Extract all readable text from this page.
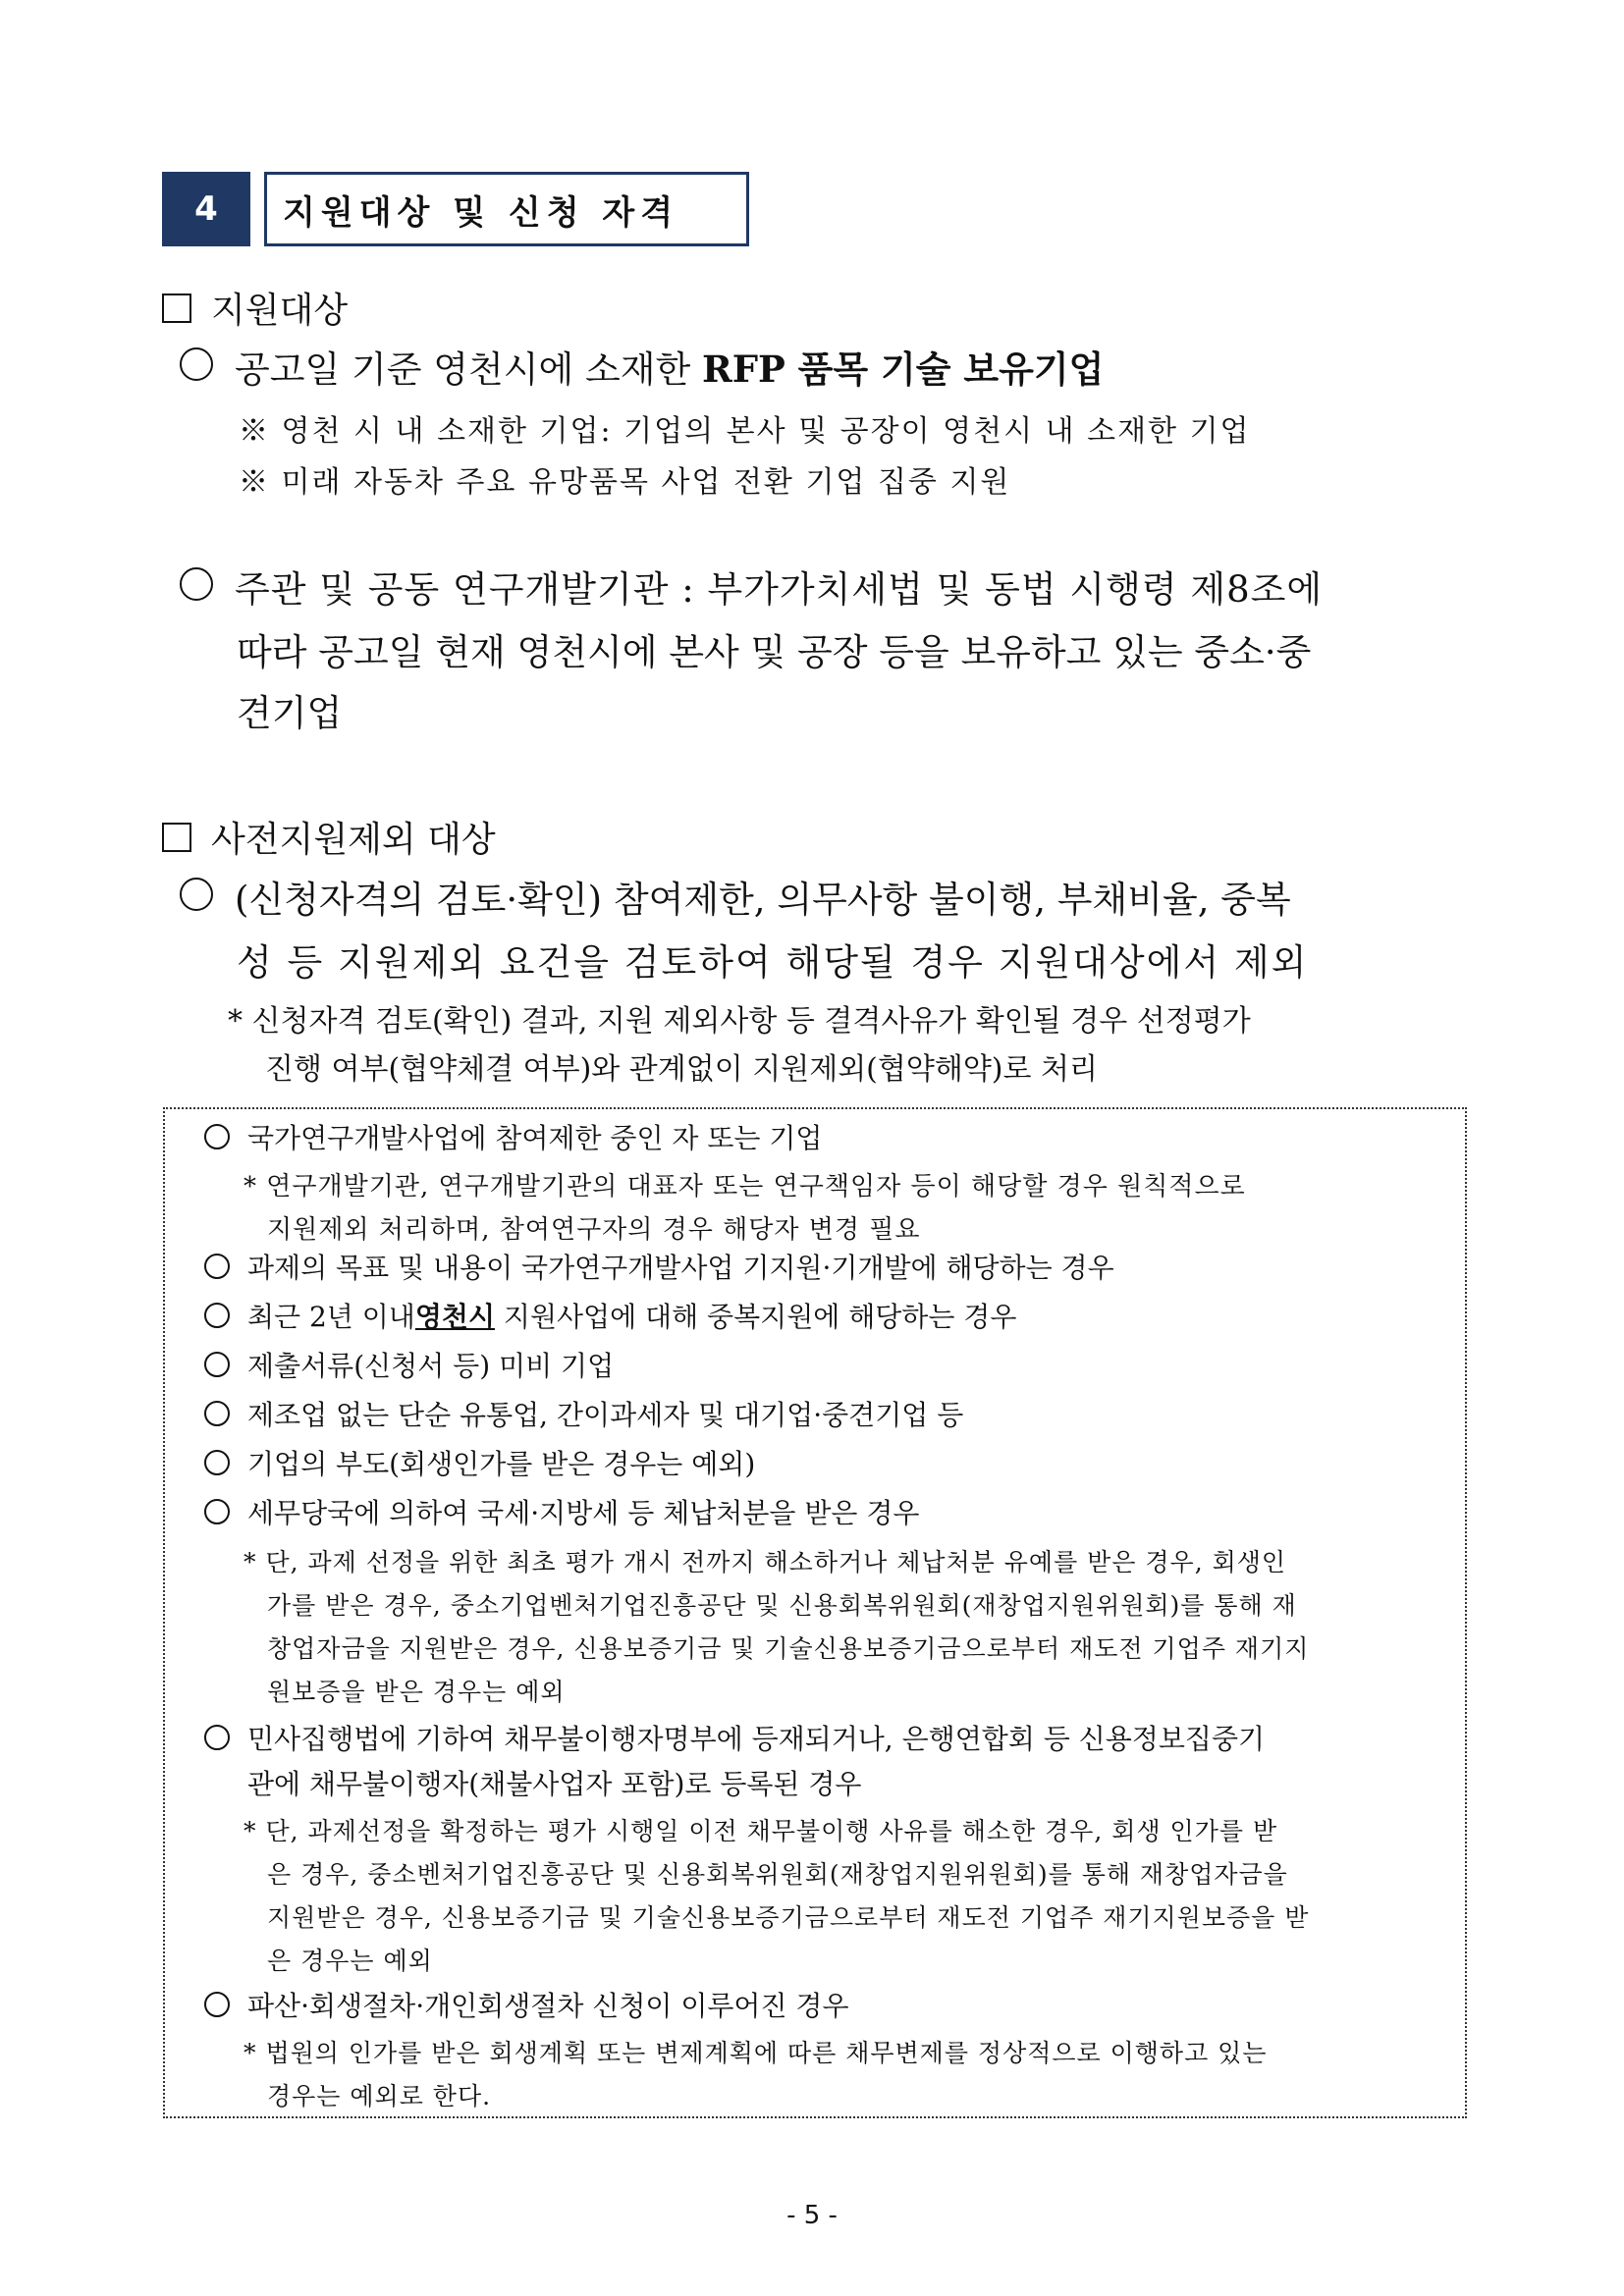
4	지원대상 및 신청 자격
지원대상
공고일 기준 영천시에 소재한 RFP 품목 기술 보유기업
※ 영천 시 내 소재한 기업: 기업의 본사 및 공장이 영천시 내 소재한 기업
※ 미래 자동차 주요 유망품목 사업 전환 기업 집중 지원
주관 및 공동 연구개발기관 : 부가가치세법 및 동법 시행령 제8조에
따라 공고일 현재 영천시에 본사 및 공장 등을 보유하고 있는 중소·중
견기업
사전지원제외 대상
(신청자격의 검토·확인) 참여제한, 의무사항 불이행, 부채비율, 중복
성 등 지원제외 요건을 검토하여 해당될 경우 지원대상에서 제외
* 신청자격 검토(확인) 결과, 지원 제외사항 등 결격사유가 확인될 경우 선정평가
진행 여부(협약체결 여부)와 관계없이 지원제외(협약해약)로 처리
국가연구개발사업에 참여제한 중인 자 또는 기업
* 연구개발기관, 연구개발기관의 대표자 또는 연구책임자 등이 해당할 경우 원칙적으로
지원제외 처리하며, 참여연구자의 경우 해당자 변경 필요
과제의 목표 및 내용이 국가연구개발사업 기지원·기개발에 해당하는 경우
최근 2년 이내 영천시 지원사업에 대해 중복지원에 해당하는 경우
제출서류(신청서 등) 미비 기업
제조업 없는 단순 유통업, 간이과세자 및 대기업·중견기업 등
기업의 부도(회생인가를 받은 경우는 예외)
세무당국에 의하여 국세·지방세 등 체납처분을 받은 경우
* 단, 과제 선정을 위한 최초 평가 개시 전까지 해소하거나 체납처분 유예를 받은 경우, 회생인
가를 받은 경우, 중소기업벤처기업진흥공단 및 신용회복위원회(재창업지원위원회)를 통해 재
창업자금을 지원받은 경우, 신용보증기금 및 기술신용보증기금으로부터 재도전 기업주 재기지
원보증을 받은 경우는 예외
민사집행법에 기하여 채무불이행자명부에 등재되거나, 은행연합회 등 신용정보집중기
관에 채무불이행자(채불사업자 포함)로 등록된 경우
* 단, 과제선정을 확정하는 평가 시행일 이전 채무불이행 사유를 해소한 경우, 회생 인가를 받
은 경우, 중소벤처기업진흥공단 및 신용회복위원회(재창업지원위원회)를 통해 재창업자금을
지원받은 경우, 신용보증기금 및 기술신용보증기금으로부터 재도전 기업주 재기지원보증을 받
은 경우는 예외
파산·회생절차·개인회생절차 신청이 이루어진 경우
* 법원의 인가를 받은 회생계획 또는 변제계획에 따른 채무변제를 정상적으로 이행하고 있는
경우는 예외로 한다.
- 5 -
